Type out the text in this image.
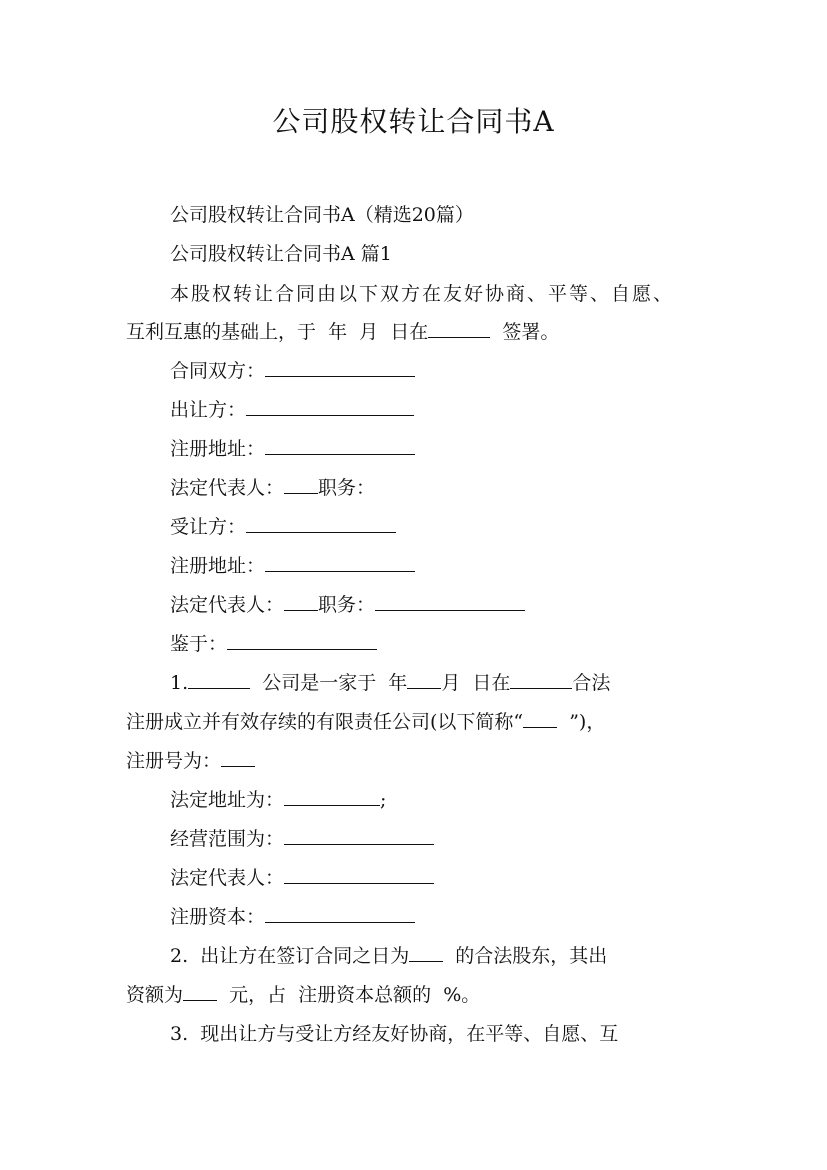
公司股权转让合同书A
公司股权转让合同书A（精选20篇）
公司股权转让合同书A 篇1
本股权转让合同由以下双方在友好协商、平等、自愿、
互利互惠的基础上，于  年  月  日在	签署。
合同双方：
出让方：
注册地址：
法定代表人： 职务：
受让方：
注册地址：
法定代表人： 职务：
鉴于：
1.	公司是一家于  年 月  日在	合法
注册成立并有效存续的有限责任公司(以下简称“  ”)，
注册号为：
法定地址为：	;
经营范围为：
法定代表人：
注册资本：
2.  出让方在签订合同之日为  的合法股东，其出
资额为  元，占  注册资本总额的  %。
3.  现出让方与受让方经友好协商，在平等、自愿、互
